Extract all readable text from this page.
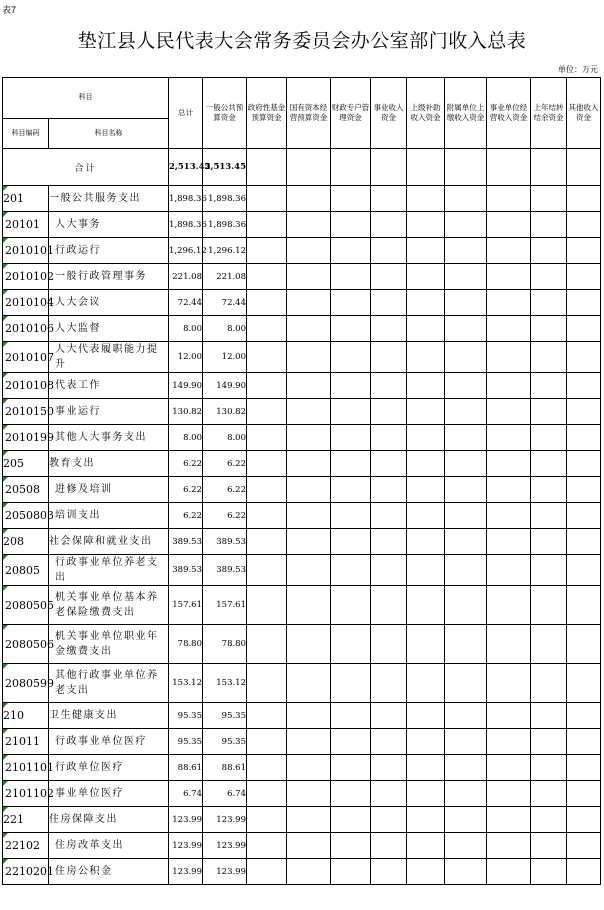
表7
垫江县人民代表大会常务委员会办公室部门收入总表
单位：万元
科目		总计	一般公共预算资金	政府性基金预算资金	国有资本经营预算资金	财政专户管理资金	事业收入资金	上级补助收入资金	附属单位上缴收入资金	事业单位经营收入资金	上年结转结余资金	其他收入资金
科目编码	科目名称											
合计		2,513.45	2,513.45									

201	一般公共服务支出	1,898.36	1,898.36									

20101	人大事务	1,898.36	1,898.36									

2010101	行政运行	1,296.12	1,296.12									

2010102	一般行政管理事务	221.08	221.08									

2010104	人大会议	72.44	72.44									

2010106	人大监督	8.00	8.00									

2010107	人大代表履职能力提升	12.00	12.00									

2010108	代表工作	149.90	149.90									

2010150	事业运行	130.82	130.82									

2010199	其他人大事务支出	8.00	8.00									

205	教育支出	6.22	6.22									

20508	进修及培训	6.22	6.22									

2050803	培训支出	6.22	6.22									

208	社会保障和就业支出	389.53	389.53									

20805	行政事业单位养老支出	389.53	389.53									

2080505	机关事业单位基本养老保险缴费支出	157.61	157.61									

2080506	机关事业单位职业年金缴费支出	78.80	78.80									

2080599	其他行政事业单位养老支出	153.12	153.12									

210	卫生健康支出	95.35	95.35									

21011	行政事业单位医疗	95.35	95.35									

2101101	行政单位医疗	88.61	88.61									

2101102	事业单位医疗	6.74	6.74									

221	住房保障支出	123.99	123.99									

22102	住房改革支出	123.99	123.99									

2210201	住房公积金	123.99	123.99									
